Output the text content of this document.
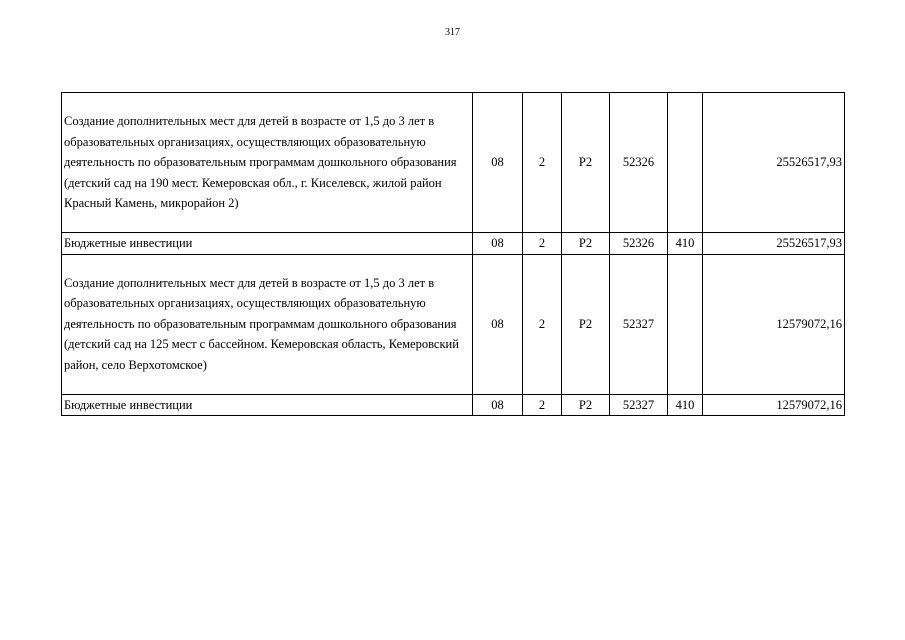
317
Создание дополнительных мест для детей в возрасте от 1,5 до 3 лет в образовательных организациях, осуществляющих образовательную деятельность по образовательным программам дошкольного образования (детский сад на 190 мест. Кемеровская обл., г. Киселевск, жилой район Красный Камень, микрорайон 2)	08	2	Р2	52326		25526517,93
Бюджетные инвестиции	08	2	Р2	52326	410	25526517,93
Создание дополнительных мест для детей в возрасте от 1,5 до 3 лет в образовательных организациях, осуществляющих образовательную деятельность по образовательным программам дошкольного образования (детский сад на 125 мест с бассейном. Кемеровская область, Кемеровский район, село Верхотомское)	08	2	Р2	52327		12579072,16
Бюджетные инвестиции	08	2	Р2	52327	410	12579072,16
